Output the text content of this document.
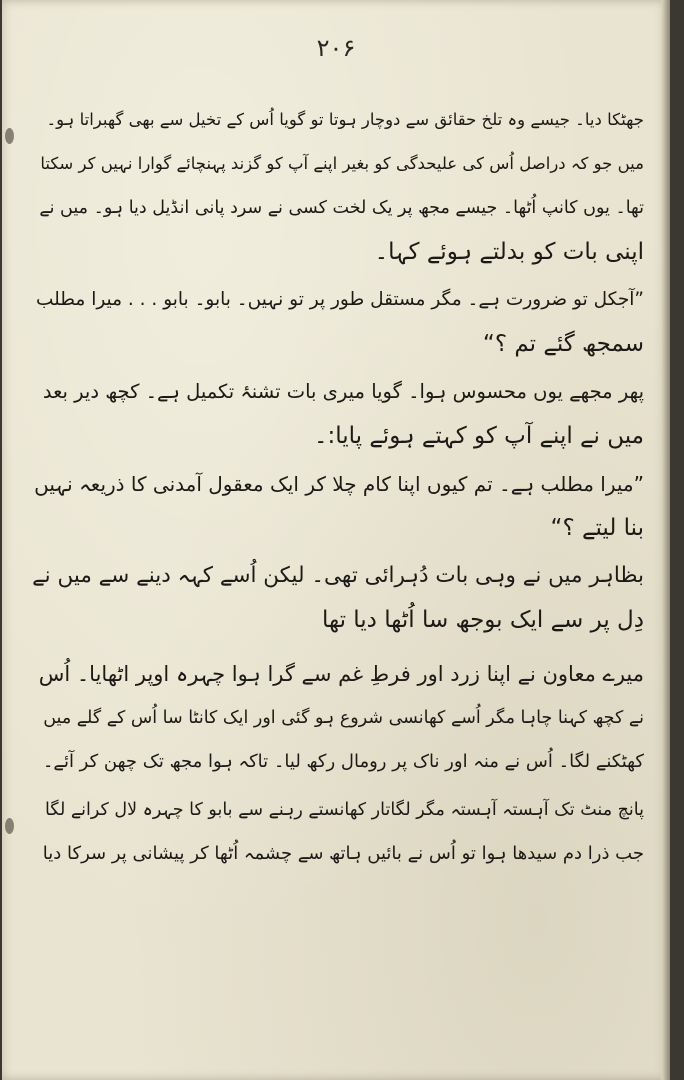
۲۰۶
جھٹکا دیا۔ جیسے وہ تلخ حقائق سے دوچار ہوتا تو گویا اُس کے تخیل سے بھی گھبراتا ہو۔
میں جو کہ دراصل اُس کی علیحدگی کو بغیر اپنے آپ کو گزند پہنچائے گوارا نہیں کر سکتا
تھا۔ یوں کانپ اُٹھا۔ جیسے مجھ پر یک لخت کسی نے سرد پانی انڈیل دیا ہو۔ میں نے
اپنی بات کو بدلتے ہوئے کہا۔
”آجکل تو ضرورت ہے۔ مگر مستقل طور پر تو نہیں۔ بابو۔ بابو . . . میرا مطلب
سمجھ گئے تم ؟“
پھر مجھے یوں محسوس ہوا۔ گویا میری بات تشنۂ تکمیل ہے۔ کچھ دیر بعد
میں نے اپنے آپ کو کہتے ہوئے پایا:۔
”میرا مطلب ہے۔ تم کیوں اپنا کام چلا کر ایک معقول آمدنی کا ذریعہ نہیں
بنا لیتے ؟“
بظاہر میں نے وہی بات دُہرائی تھی۔ لیکن اُسے کہہ دینے سے میں نے
دِل پر سے ایک بوجھ سا اُٹھا دیا تھا
میرے معاون نے اپنا زرد اور فرطِ غم سے گرا ہوا چہرہ اوپر اٹھایا۔ اُس
نے کچھ کہنا چاہا مگر اُسے کھانسی شروع ہو گئی اور ایک کانٹا سا اُس کے گلے میں
کھٹکنے لگا۔ اُس نے منہ اور ناک پر رومال رکھ لیا۔ تاکہ ہوا مجھ تک چھن کر آئے۔
پانچ منٹ تک آہستہ آہستہ مگر لگاتار کھانستے رہنے سے بابو کا چہرہ لال کرانے لگا
جب ذرا دم سیدھا ہوا تو اُس نے بائیں ہاتھ سے چشمہ اُٹھا کر پیشانی پر سرکا دیا
